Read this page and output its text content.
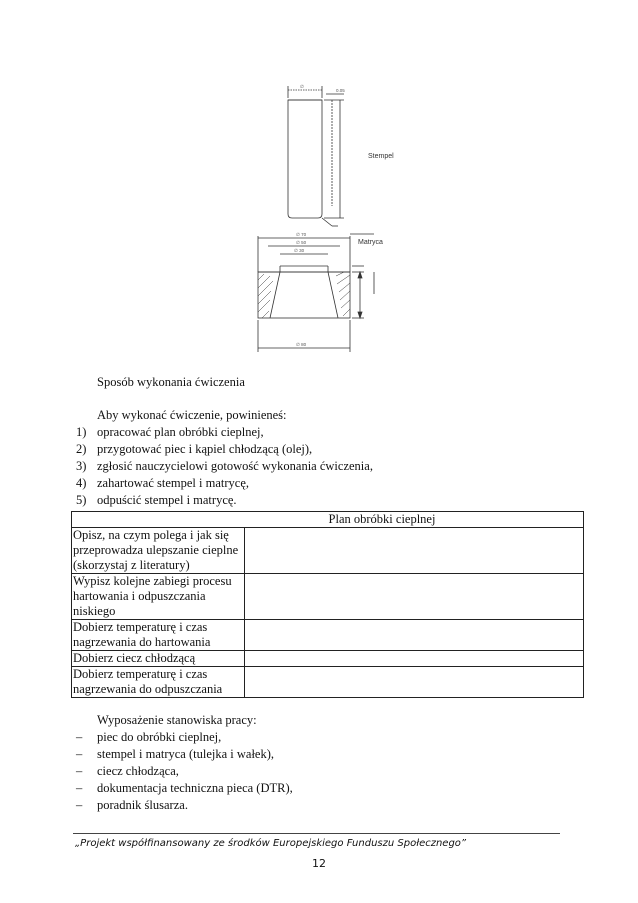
Stempel
Matryca
∅
0.05
∅ 30
∅ 50
∅ 70
∅ 80
Sposób wykonania ćwiczenia
Aby wykonać ćwiczenie, powinieneś:
1) opracować plan obróbki cieplnej,
2) przygotować piec i kąpiel chłodzącą (olej),
3) zgłosić nauczycielowi gotowość wykonania ćwiczenia,
4) zahartować stempel i matrycę,
5) odpuścić stempel i matrycę.
Plan obróbki cieplnej	
Opisz, na czym polega i jak się przeprowadza ulepszanie cieplne (skorzystaj z literatury)	
Wypisz kolejne zabiegi procesu hartowania i odpuszczania niskiego	
Dobierz temperaturę i czas nagrzewania do hartowania	
Dobierz ciecz chłodzącą	
Dobierz temperaturę i czas nagrzewania do odpuszczania	
Wyposażenie stanowiska pracy:
–	piec do obróbki cieplnej,
–	stempel i matryca (tulejka i wałek),
–	ciecz chłodząca,
–	dokumentacja techniczna pieca (DTR),
–	poradnik ślusarza.
„Projekt współfinansowany ze środków Europejskiego Funduszu Społecznego”
12
